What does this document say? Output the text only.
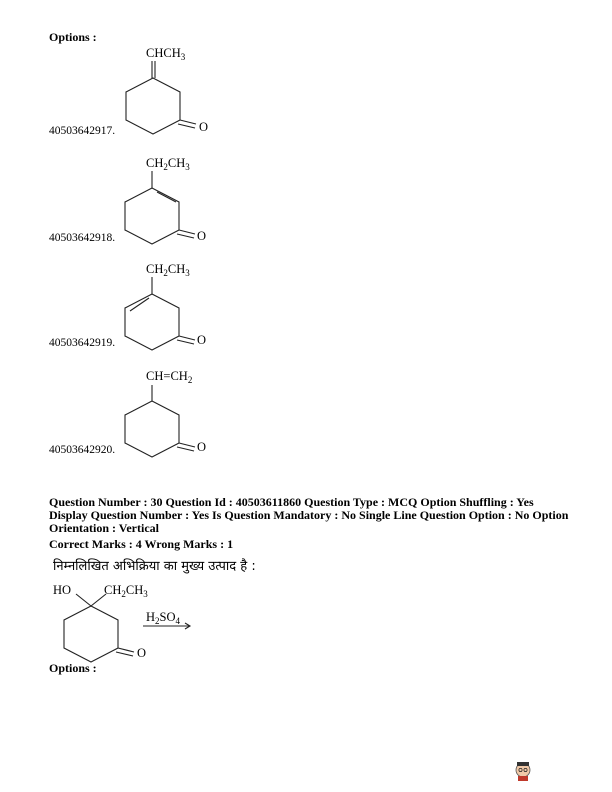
Options :
$CHCH_3$
O
40503642917.
$CH_2CH_3$
O
40503642918.
$CH_2CH_3$
O
40503642919.
$CH=CH_2$
O
40503642920.
Question Number : 30 Question Id : 40503611860 Question Type : MCQ Option Shuffling : Yes
Display Question Number : Yes Is Question Mandatory : No Single Line Question Option : No Option
Orientation : Vertical
Correct Marks : 4 Wrong Marks : 1
निम्नलिखित अभिक्रिया का मुख्य उत्पाद है :
HO	$CH_2CH_3$
O
$H_2SO_4$
Options :
